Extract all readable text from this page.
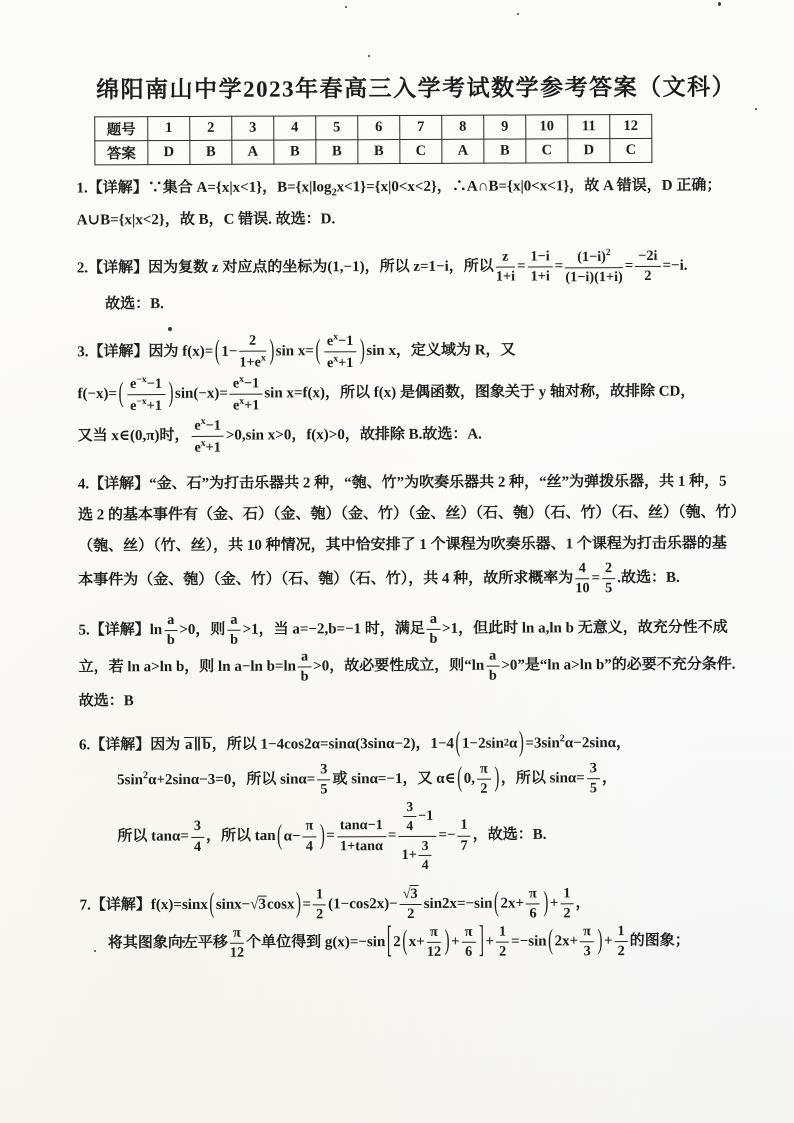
绵阳南山中学2023年春高三入学考试数学参考答案（文科）
题号	1	2	3	4	5	6	7	8	9	10	11	12
答案	D	B	A	B	B	B	C	A	B	C	D	C
1.【详解】∵集合 A={x|x<1}，$B=\{x|\log_2x<1\}=\{x|0<x<2\}$，∴A∩B={x|0<x<1}，故 A 错误，D 正确；A∪B={x|x<2}，故 B，C 错误. 故选：D.
2.【详解】因为复数 z 对应点的坐标为(1,−1)，所以 z=1−i，所以 $\frac{z}{1+i} = \frac{1-i}{1+i} = \frac{(1-i)^2}{(1-i)(1+i)} = \frac{-2i}{2} =-i$.
故选：B.
3.【详解】因为 f(x)= ( $1- \frac{2}{1+e^x}$ ) sin x= ( $\frac{e^x-1}{e^x+1}$ ) sin x，定义域为 R，又
f(−x)= ( $\frac{e^{-x}-1}{e^{-x}+1}$ ) $\sin(-x)= \frac{e^x-1}{e^x+1}$ sin x=f(x)，所以 f(x) 是偶函数，图象关于 y 轴对称，故排除 CD，
又当 x∈(0,π)时， $\frac{e^x-1}{e^x+1} >0,\sin$ x>0，f(x)>0，故排除 B.故选：A.
4.【详解】“金、石”为打击乐器共 2 种，“匏、竹”为吹奏乐器共 2 种，“丝”为弹拨乐器，共 1 种，5 选 2 的基本事件有（金、石）（金、匏）（金、竹）（金、丝）（石、匏）（石、竹）（石、丝）（匏、竹）（匏、丝）（竹、丝），共 10 种情况，其中恰安排了 1 个课程为吹奏乐器、1 个课程为打击乐器的基本事件为（金、匏）（金、竹）（石、匏）（石、竹），共 4 种，故所求概率为 $\frac{4}{10} = \frac{2}{5}$ .故选：B.
5.【详解】$\ln \frac{a}{b} >0$，则 $\frac{a}{b} >1$，当 a=−2,b=−1 时，满足 $\frac{a}{b} >1$，但此时 ln a,ln b 无意义，故充分性不成立，若 ln a>ln b，则 ln a−ln $b=\ln \frac{a}{b} >0$，故必要性成立，则“$\ln \frac{a}{b} >0$”是“ln a>ln b”的必要不充分条件.故选：B
6.【详解】因为 a∥b，所以 1−4cos2α=sinα(3sinα−2)，1−4 ( 1−2sin 2 α ) $=3\sin^2\alpha-2\sin\alpha$，
$5\sin^2\alpha+2\sin\alpha-3=0$，所以 $\sin\alpha= \frac{3}{5}$ 或 sinα=−1，又 α∈ ( 0, $\frac{\pi}{2}$ ) ，所以 $\sin\alpha= \frac{3}{5}$ ，
所以 $\tan\alpha= \frac{3}{4}$ ，所以 tan ( $\alpha- \frac{\pi}{4}$ ) = $\frac{\tan\alpha-1}{1+\tan\alpha} = \frac{\frac{3}{4} -1}{1+ \frac{3}{4}} =- \frac{1}{7}$ ，故选：B.
7.【详解】f(x)=sinx ( sinx− √3 cosx ) = $\frac{1}{2} (1-\cos 2x)- \frac{√3}{2} \sin 2x=-\sin$ ( $2x+ \frac{\pi}{6}$ ) + $\frac{1}{2}$ ，
将其图象向左平移 $\frac{\pi}{12}$ 个单位得到 g(x)=−sin [ 2 ( $x+ \frac{\pi}{12}$ ) + $\frac{\pi}{6}$ ] + $\frac{1}{2} =-\sin$ ( $2x+ \frac{\pi}{3}$ ) + $\frac{1}{2}$ 的图象；
